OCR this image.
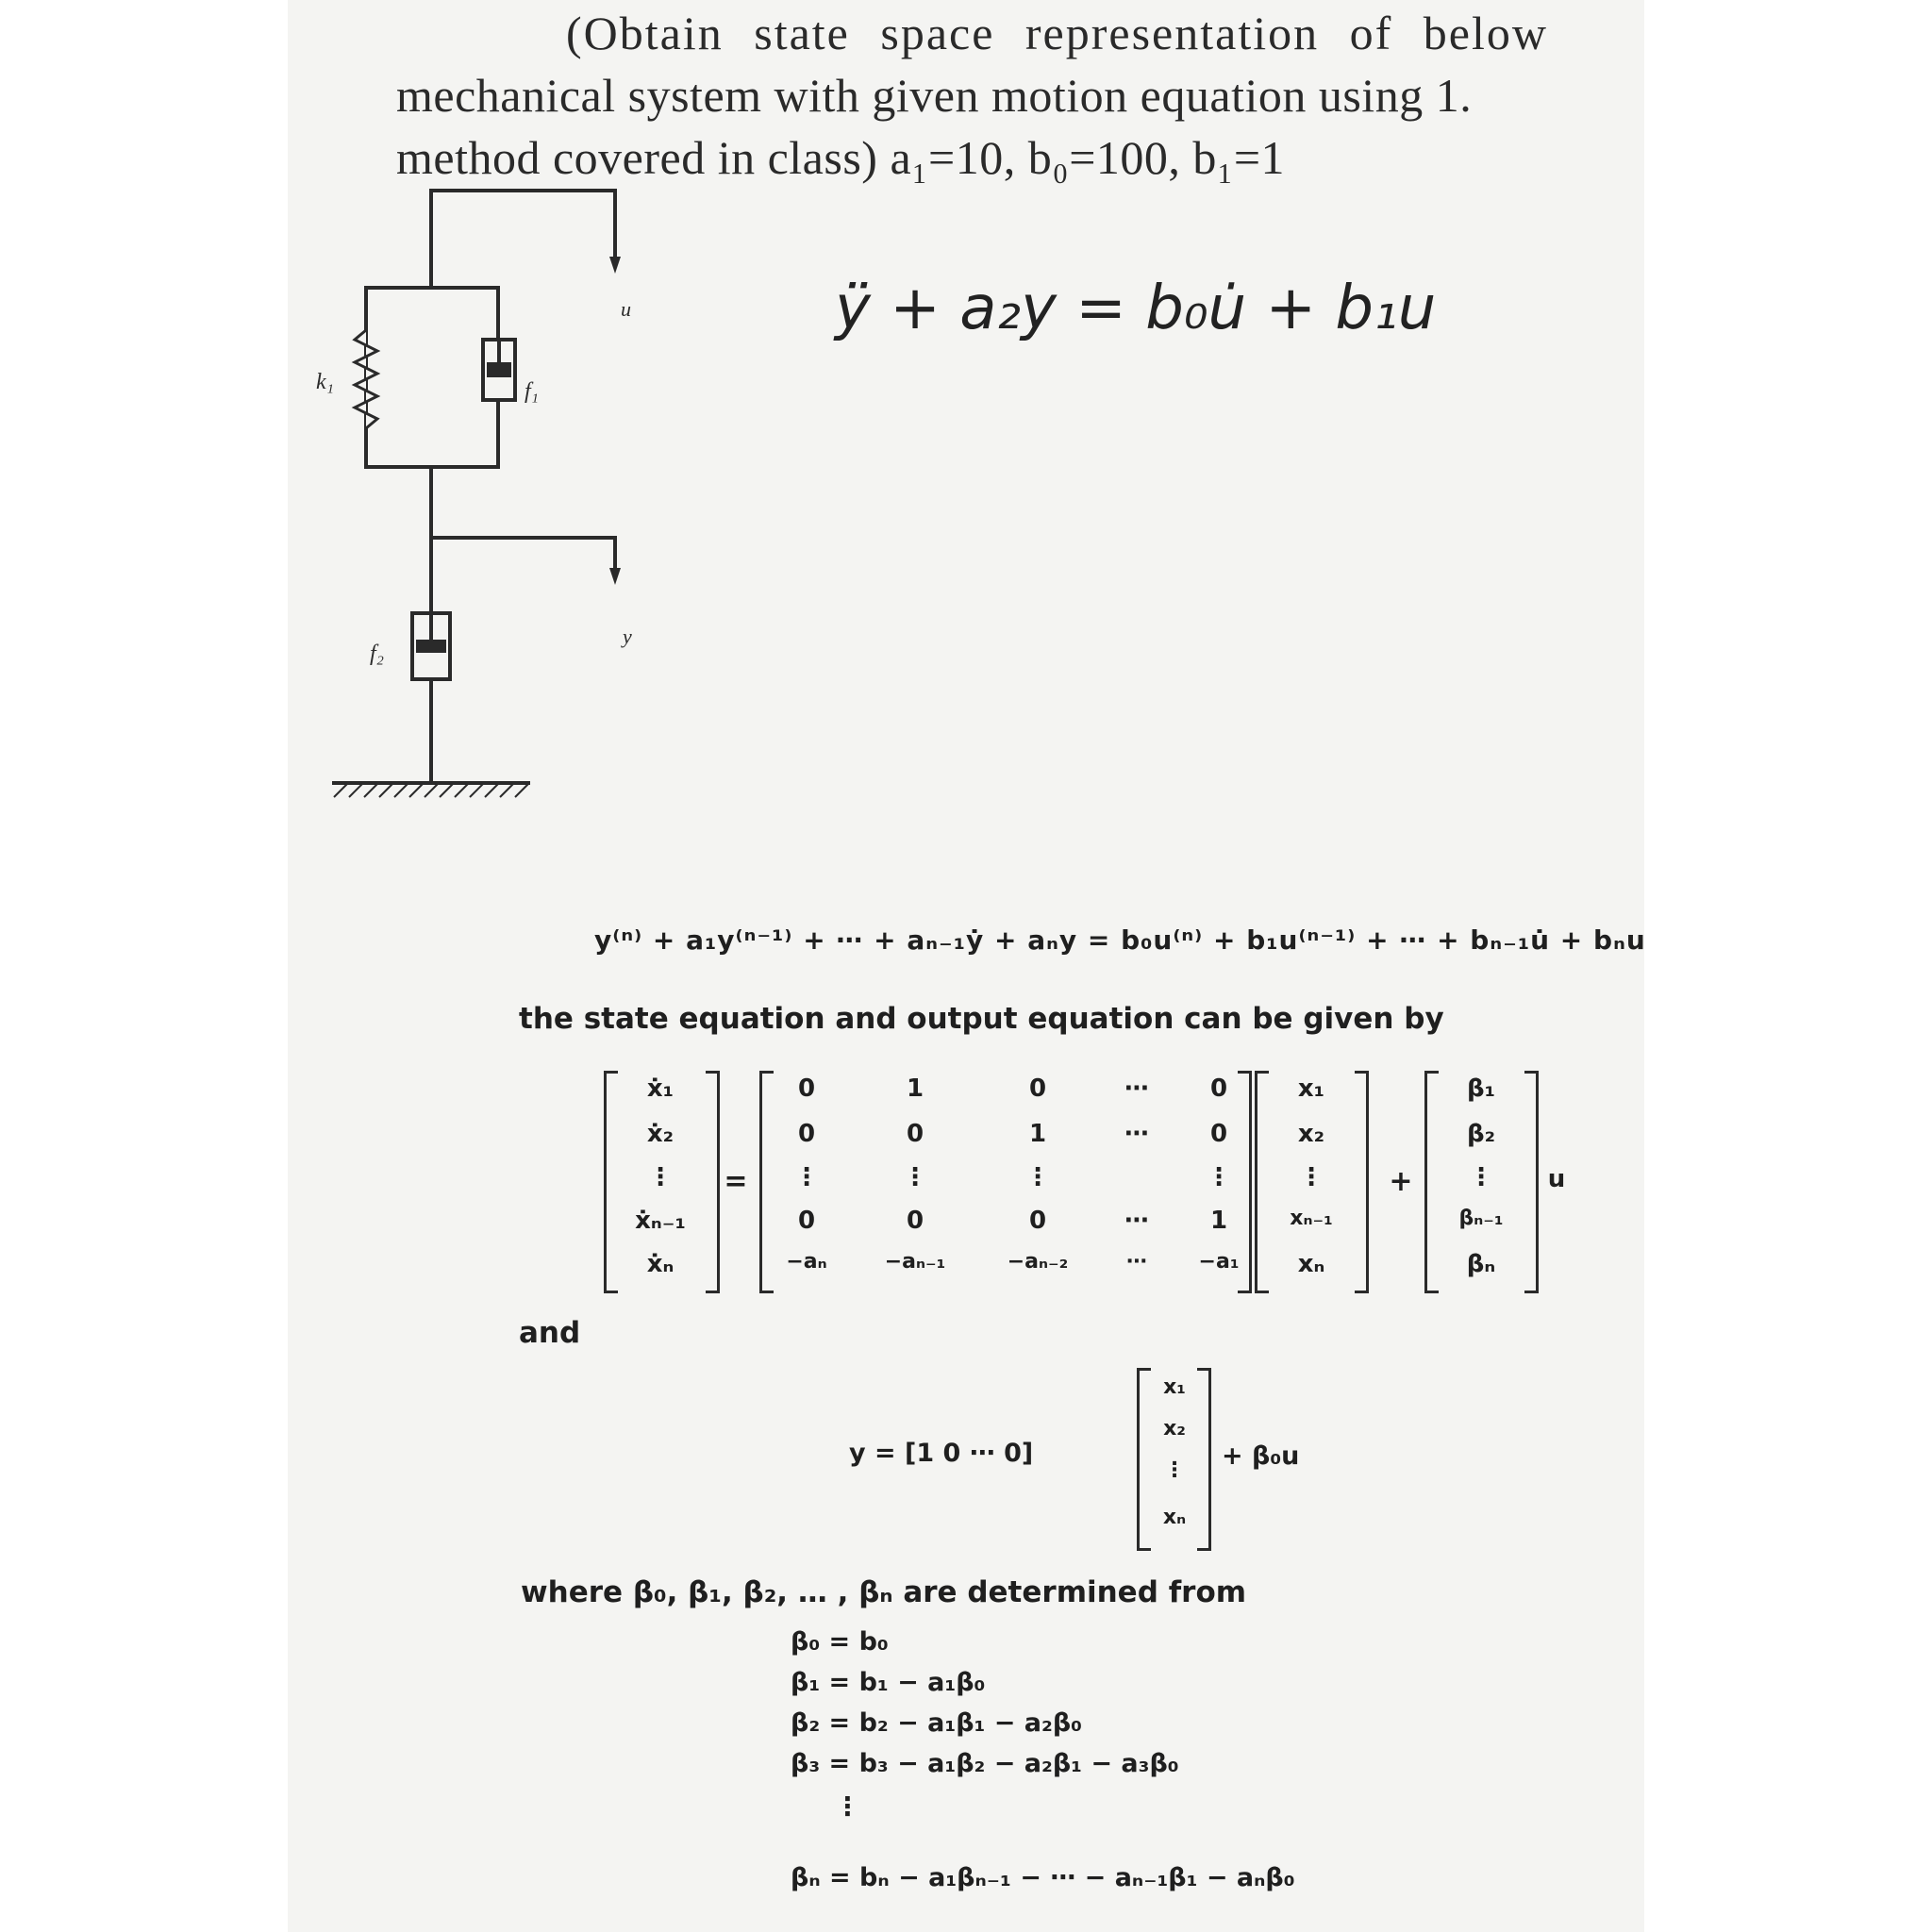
(Obtain state space representation of below
mechanical system with given motion equation using 1.
method covered in class) a₁=10, b₀=100, b₁=1
k₁	f₁
f₂
u
y
ÿ + a₂y = b₀u̇ + b₁u
y⁽ⁿ⁾ + a₁y⁽ⁿ⁻¹⁾ + ⋯ + aₙ₋₁ẏ + aₙy = b₀u⁽ⁿ⁾ + b₁u⁽ⁿ⁻¹⁾ + ⋯ + bₙ₋₁u̇ + bₙu
the state equation and output equation can be given by
ẋ₁
ẋ₂
⋮
ẋₙ₋₁
ẋₙ
=
0	1	0	⋯ 0
0	0	1	⋯ 0
⋮	⋮	⋮	⋮
0	0	0	⋯ 1
−aₙ	−aₙ₋₁	−aₙ₋₂	⋯ −a₁
x₁
x₂
⋮
xₙ₋₁
xₙ
+
β₁
β₂
⋮
βₙ₋₁
βₙ
u
and
y = [1 0 ⋯ 0]
x₁
x₂
⋮
xₙ
+ β₀u
where β₀, β₁, β₂, … , βₙ are determined from
β₀ = b₀
β₁ = b₁ − a₁β₀
β₂ = b₂ − a₁β₁ − a₂β₀
β₃ = b₃ − a₁β₂ − a₂β₁ − a₃β₀
⋮
βₙ = bₙ − a₁βₙ₋₁ − ⋯ − aₙ₋₁β₁ − aₙβ₀
